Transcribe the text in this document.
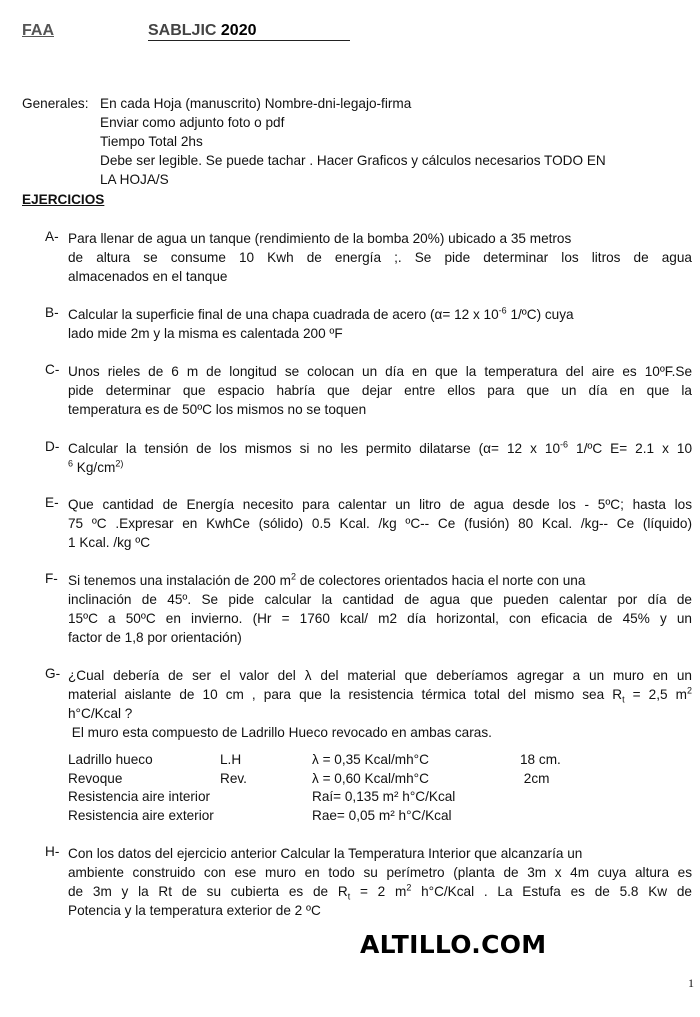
FAA	SABLJIC 2020
Generales: En cada Hoja (manuscrito) Nombre-dni-legajo-firma
Enviar como adjunto foto o pdf
Tiempo Total 2hs
Debe ser legible. Se puede tachar . Hacer Graficos y cálculos necesarios TODO EN
LA HOJA/S
EJERCICIOS
A- Para llenar de agua un tanque (rendimiento de la bomba 20%) ubicado a 35 metros
de altura se consume 10 Kwh de energía ;. Se pide determinar los litros de agua
almacenados en el tanque
B- Calcular la superficie final de una chapa cuadrada de acero (α= 12 x $10^{-6}$ 1/ºC) cuya
lado mide 2m y la misma es calentada 200 ºF
C- Unos rieles de 6 m de longitud se colocan un día en que la temperatura del aire es 10ºF.Se
pide determinar que espacio habría que dejar entre ellos para que un día en que la
temperatura es de 50ºC los mismos no se toquen
D- Calcular la tensión de los mismos si no les permito dilatarse (α= 12 x $10^{-6}$ 1/ºC E= 2.1 x 10
$^6$ $Kg/cm^{2)}$
E- Que cantidad de Energía necesito para calentar un litro de agua desde los - 5ºC; hasta los
75 ºC .Expresar en KwhCe (sólido) 0.5 Kcal. /kg ºC-- Ce (fusión) 80 Kcal. /kg-- Ce (líquido)
1 Kcal. /kg ºC
F- Si tenemos una instalación de 200 $m^2$ de colectores orientados hacia el norte con una
inclinación de 45º. Se pide calcular la cantidad de agua que pueden calentar por día de
15ºC a 50ºC en invierno. (Hr = 1760 kcal/ m2 día horizontal, con eficacia de 45% y un
factor de 1,8 por orientación)
G- ¿Cual debería de ser el valor del λ del material que deberíamos agregar a un muro en un
material aislante de 10 cm , para que la resistencia térmica total del mismo sea $R_t = 2,5$ $m^2$
h°C/Kcal ?
El muro esta compuesto de Ladrillo Hueco revocado en ambas caras.
H- Con los datos del ejercicio anterior Calcular la Temperatura Interior que alcanzaría un
ambiente construido con ese muro en todo su perímetro (planta de 3m x 4m cuya altura es
de 3m y la Rt de su cubierta es de $R_t = 2$ $m^2$ h°C/Kcal . La Estufa es de 5.8 Kw de
Potencia y la temperatura exterior de 2 ºC
Ladrillo hueco	L.H	λ = 0,35 Kcal/mh°C	18 cm.
Revoque	Rev.	λ = 0,60 Kcal/mh°C	2cm
Resistencia aire interior	Raí= 0,135 m² h°C/Kcal
Resistencia aire exterior	Rae= 0,05 m² h°C/Kcal
ALTILLO.COM
1
